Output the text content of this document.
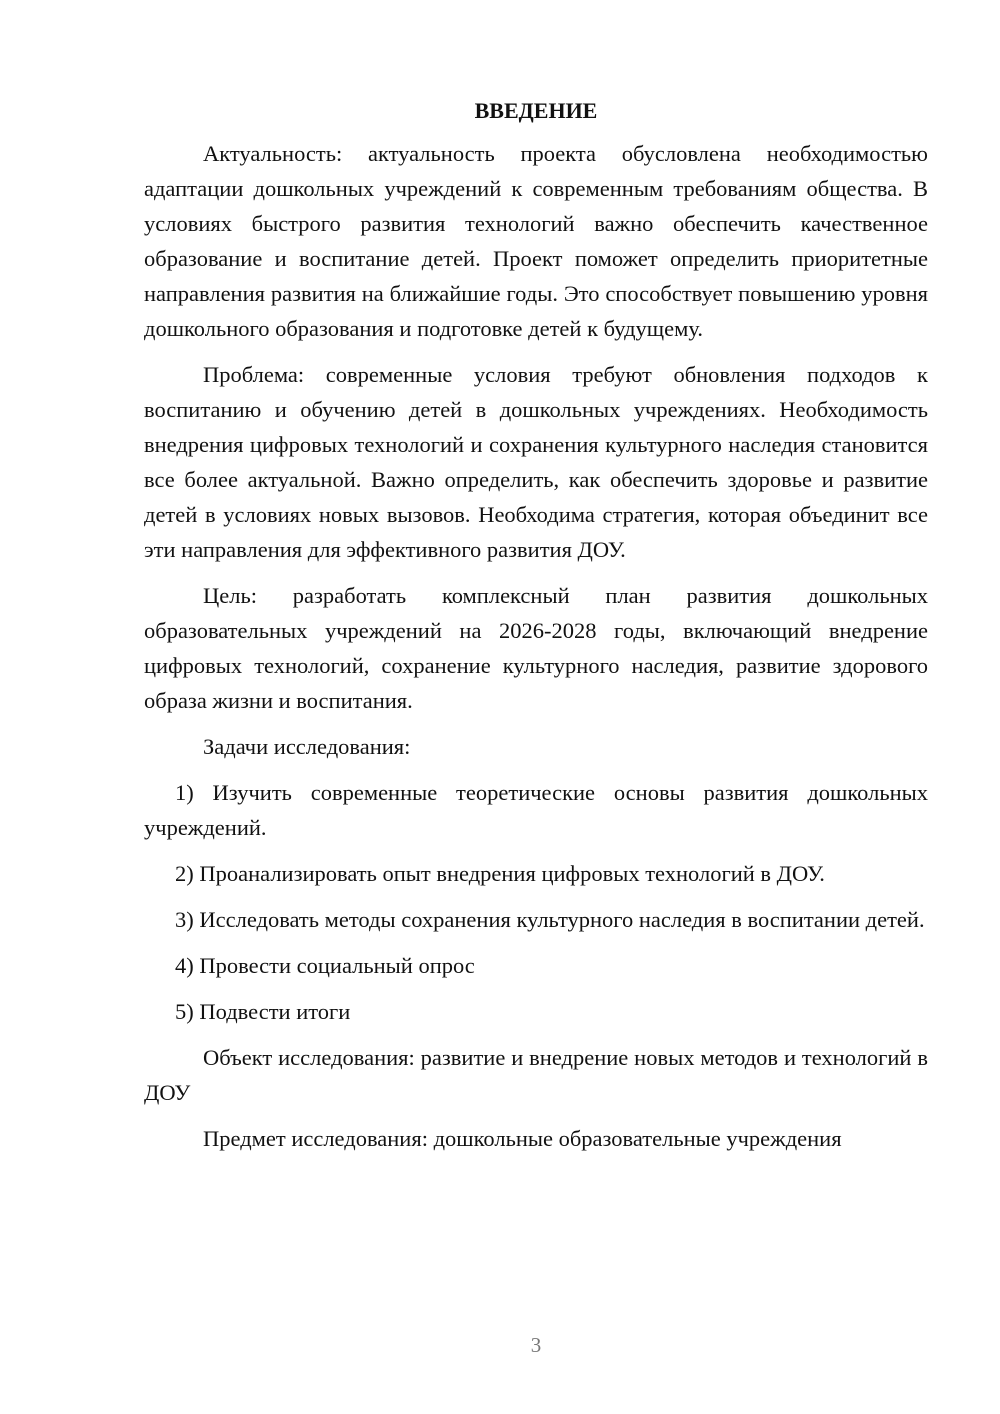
ВВЕДЕНИЕ

Актуальность: актуальность проекта обусловлена необходимостью адаптации дошкольных учреждений к современным требованиям общества. В условиях быстрого развития технологий важно обеспечить качественное образование и воспитание детей. Проект поможет определить приоритетные направления развития на ближайшие годы. Это способствует повышению уровня дошкольного образования и подготовке детей к будущему.

Проблема: современные условия требуют обновления подходов к воспитанию и обучению детей в дошкольных учреждениях. Необходимость внедрения цифровых технологий и сохранения культурного наследия становится все более актуальной. Важно определить, как обеспечить здоровье и развитие детей в условиях новых вызовов. Необходима стратегия, которая объединит все эти направления для эффективного развития ДОУ.

Цель: разработать комплексный план развития дошкольных образовательных учреждений на 2026-2028 годы, включающий внедрение цифровых технологий, сохранение культурного наследия, развитие здорового образа жизни и воспитания.

Задачи исследования:

1) Изучить современные теоретические основы развития дошкольных учреждений.

2) Проанализировать опыт внедрения цифровых технологий в ДОУ.

3) Исследовать методы сохранения культурного наследия в воспитании детей.

4) Провести социальный опрос

5) Подвести итоги

Объект исследования: развитие и внедрение новых методов и технологий в ДОУ

Предмет исследования: дошкольные образовательные учреждения

3
